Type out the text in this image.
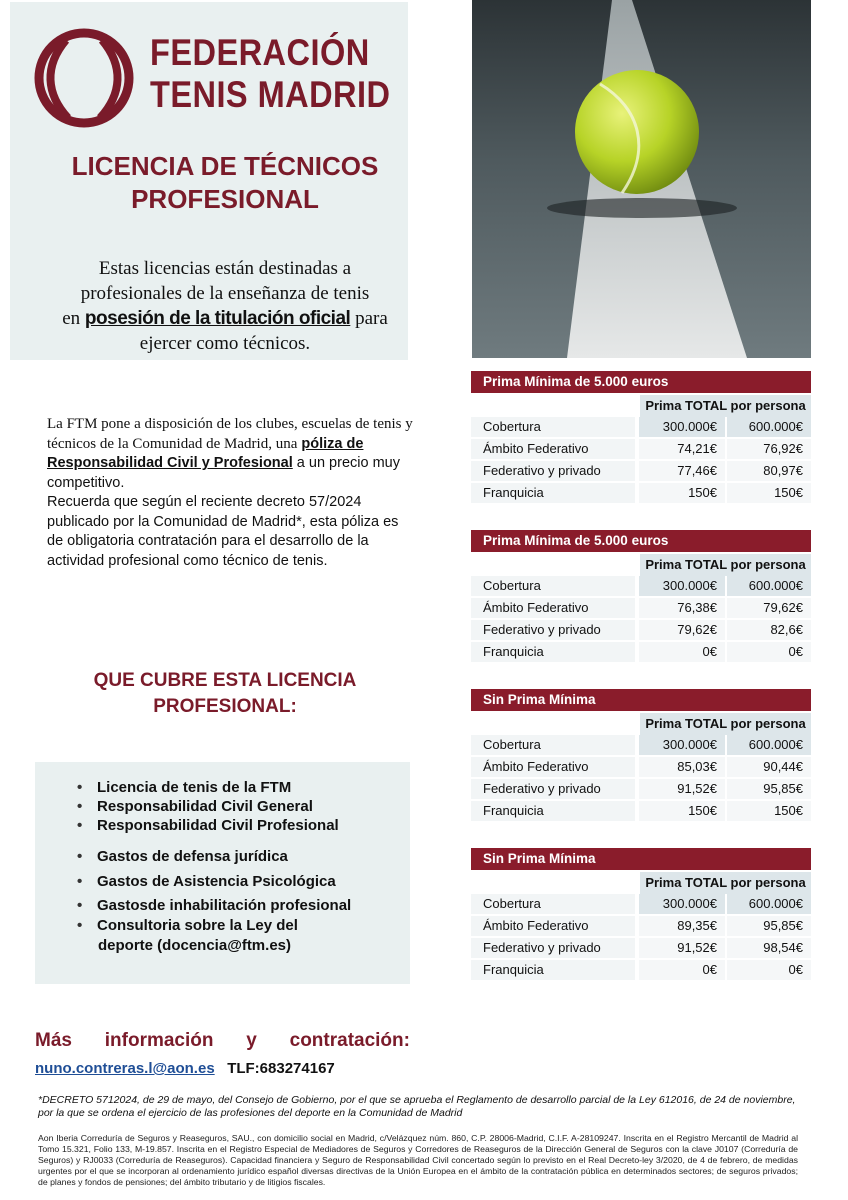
FEDERACIÓN
TENIS MADRID
LICENCIA DE TÉCNICOS
PROFESIONAL
Estas licencias están destinadas a
profesionales de la enseñanza de tenis
en posesión de la titulación oficial para
ejercer como técnicos.
La FTM pone a disposición de los clubes, escuelas de tenis y técnicos de la Comunidad de Madrid, una póliza de Responsabilidad Civil y Profesional a un precio muy competitivo.
Recuerda que según el reciente decreto 57/2024 publicado por la Comunidad de Madrid*, esta póliza es de obligatoria contratación para el desarrollo de la actividad profesional como técnico de tenis.
QUE CUBRE ESTA LICENCIA
PROFESIONAL:
• Licencia de tenis de la FTM
• Responsabilidad Civil General
• Responsabilidad Civil Profesional
• Gastos de defensa jurídica
• Gastos de Asistencia Psicológica
• Gastosde inhabilitación profesional
• Consultoria sobre la Ley del
deporte (docencia@ftm.es)
Prima Mínima de 5.000 euros
Prima TOTAL por persona
Cobertura	300.000€	600.000€
Ámbito Federativo	74,21€	76,92€
Federativo y privado	77,46€	80,97€
Franquicia	150€	150€
Prima Mínima de 5.000 euros
Prima TOTAL por persona
Cobertura	300.000€	600.000€
Ámbito Federativo	76,38€	79,62€
Federativo y privado	79,62€	82,6€
Franquicia	0€	0€
Sin Prima Mínima
Prima TOTAL por persona
Cobertura	300.000€	600.000€
Ámbito Federativo	85,03€	90,44€
Federativo y privado	91,52€	95,85€
Franquicia	150€	150€
Sin Prima Mínima
Prima TOTAL por persona
Cobertura	300.000€	600.000€
Ámbito Federativo	89,35€	95,85€
Federativo y privado	91,52€	98,54€
Franquicia	0€	0€
Más información y contratación:
nuno.contreras.l@aon.es TLF:683274167
*DECRETO 5712024, de 29 de mayo, del Consejo de Gobierno, por el que se aprueba el Reglamento de desarrollo parcial de la Ley 612016, de 24 de noviembre, por la que se ordena el ejercicio de las profesiones del deporte en la Comunidad de Madrid
Aon Iberia Correduría de Seguros y Reaseguros, SAU., con domicilio social en Madrid, c/Velázquez núm. 860, C.P. 28006-Madrid, C.I.F. A-28109247. Inscrita en el Registro Mercantil de Madrid al Tomo 15.321, Folio 133, M-19.857. Inscrita en el Registro Especial de Mediadores de Seguros y Corredores de Reaseguros de la Dirección General de Seguros con la clave J0107 (Correduría de Seguros) y RJ0033 (Correduría de Reaseguros). Capacidad financiera y Seguro de Responsabilidad Civil concertado según lo previsto en el Real Decreto-ley 3/2020, de 4 de febrero, de medidas urgentes por el que se incorporan al ordenamiento jurídico español diversas directivas de la Unión Europea en el ámbito de la contratación pública en determinados sectores; de seguros privados; de planes y fondos de pensiones; del ámbito tributario y de litigios fiscales.
